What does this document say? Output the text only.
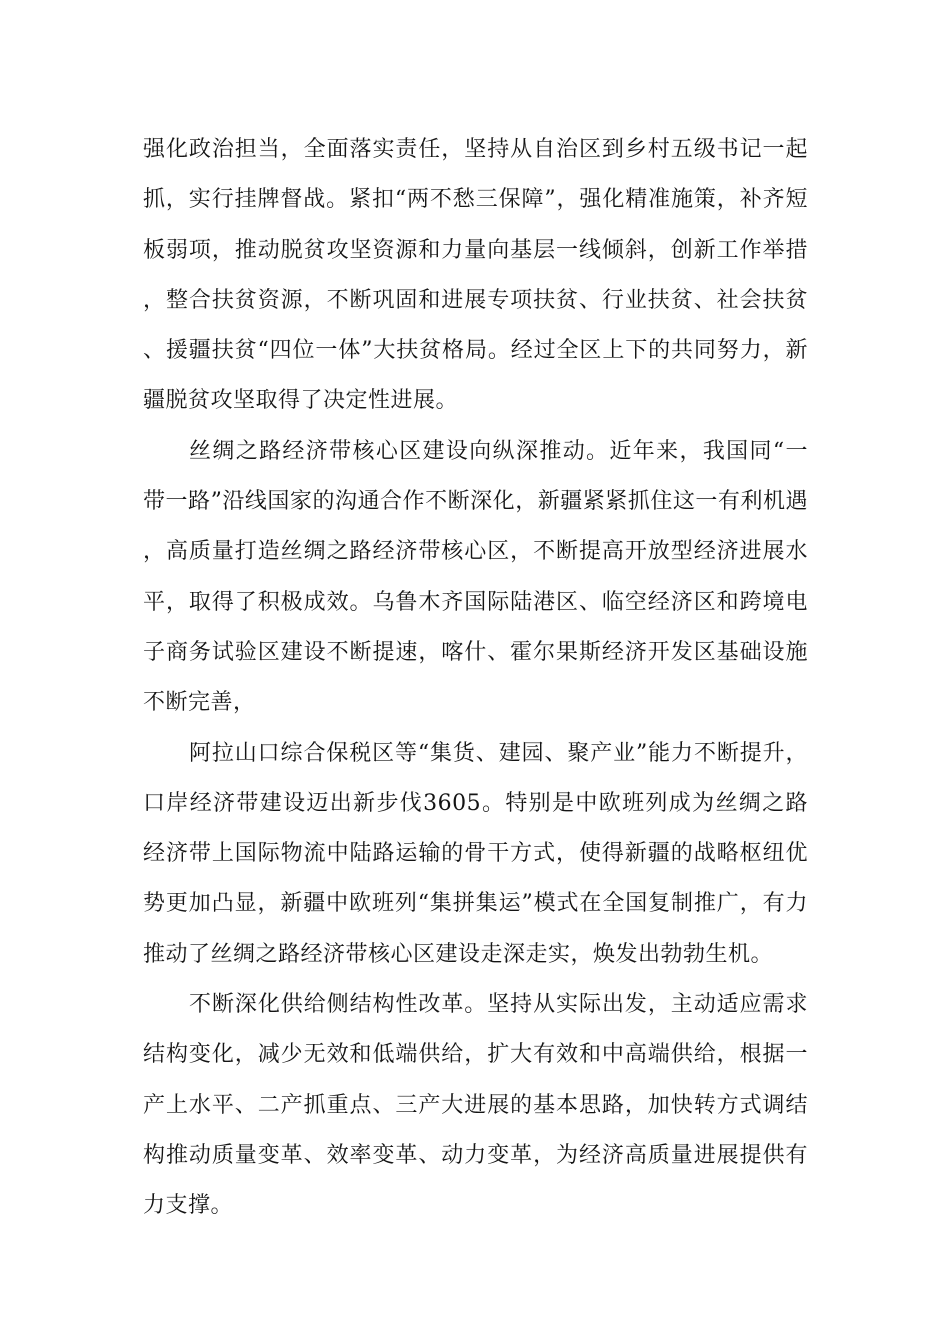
强化政治担当，全面落实责任，坚持从自治区到乡村五级书记一起抓，实行挂牌督战。紧扣“两不愁三保障”，强化精准施策，补齐短板弱项，推动脱贫攻坚资源和力量向基层一线倾斜，创新工作举措，整合扶贫资源，不断巩固和进展专项扶贫、行业扶贫、社会扶贫、援疆扶贫“四位一体”大扶贫格局。经过全区上下的共同努力，新疆脱贫攻坚取得了决定性进展。

丝绸之路经济带核心区建设向纵深推动。近年来，我国同“一带一路”沿线国家的沟通合作不断深化，新疆紧紧抓住这一有利机遇，高质量打造丝绸之路经济带核心区，不断提高开放型经济进展水平，取得了积极成效。乌鲁木齐国际陆港区、临空经济区和跨境电子商务试验区建设不断提速，喀什、霍尔果斯经济开发区基础设施不断完善，

阿拉山口综合保税区等“集货、建园、聚产业”能力不断提升，口岸经济带建设迈出新步伐3605。特别是中欧班列成为丝绸之路经济带上国际物流中陆路运输的骨干方式，使得新疆的战略枢纽优势更加凸显，新疆中欧班列“集拼集运”模式在全国复制推广，有力推动了丝绸之路经济带核心区建设走深走实，焕发出勃勃生机。

不断深化供给侧结构性改革。坚持从实际出发，主动适应需求结构变化，减少无效和低端供给，扩大有效和中高端供给，根据一产上水平、二产抓重点、三产大进展的基本思路，加快转方式调结构推动质量变革、效率变革、动力变革，为经济高质量进展提供有力支撑。
